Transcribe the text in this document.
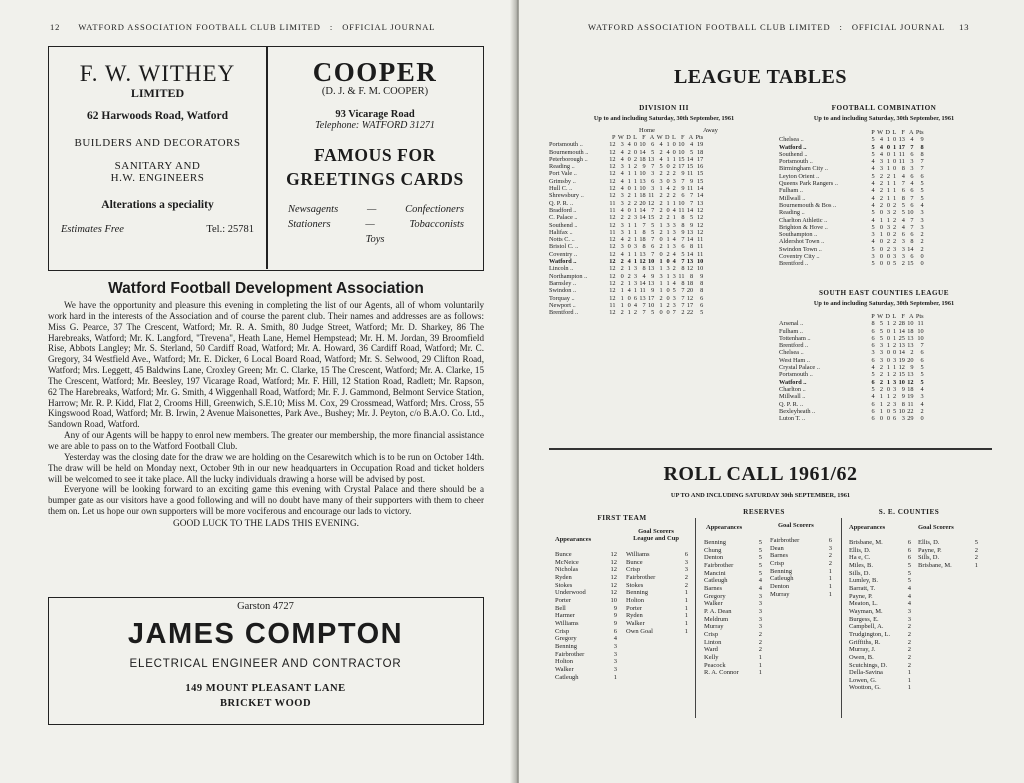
12 WATFORD ASSOCIATION FOOTBALL CLUB LIMITED   :   OFFICIAL JOURNAL
F. W. WITHEY
LIMITED
62 Harwoods Road, Watford
BUILDERS AND DECORATORS
SANITARY AND
H.W. ENGINEERS
Alterations a speciality
Estimates Free	Tel.: 25781
COOPER
(D. J. & F. M. COOPER)
93 Vicarage Road
Telephone: WATFORD 31271
FAMOUS FOR
GREETINGS CARDS
Newsagents	—	Confectioners
Stationers	—	Tobacconists
Toys
Watford Football Development Association

We have the opportunity and pleasure this evening in completing the list of our Agents, all of whom voluntarily work hard in the interests of the Association and of course the parent club. Their names and addresses are as follows: Miss G. Pearce, 37 The Crescent, Watford; Mr. R. A. Smith, 80 Judge Street, Watford; Mr. D. Sharkey, 86 The Harebreaks, Watford; Mr. K. Langford, "Trevena", Heath Lane, Hemel Hempstead; Mr. H. M. Jordan, 39 Broomfield Rise, Abbots Langley; Mr. S. Sterland, 50 Cardiff Road, Watford; Mr. A. Howard, 36 Cardiff Road, Watford; Mr. C. Gregory, 34 Westfield Ave., Watford; Mr. E. Dicker, 6 Local Board Road, Watford; Mr. S. Selwood, 29 Clifton Road, Watford; Mrs. Leggett, 45 Baldwins Lane, Croxley Green; Mr. C. Clarke, 15 The Crescent, Watford; Mr. A. Clarke, 15 The Crescent, Watford; Mr. Beesley, 197 Vicarage Road, Watford; Mr. F. Hill, 12 Station Road, Radlett; Mr. Rapson, 62 The Harebreaks, Watford; Mr. G. Smith, 4 Wiggenhall Road, Watford; Mr. F. J. Gammond, Belmont Service Station, Harrow; Mr. R. P. Kidd, Flat 2, Crooms Hill, Greenwich, S.E.10; Miss M. Cox, 29 Crossmead, Watford; Mrs. Cross, 55 Kingswood Road, Watford; Mr. B. Irwin, 2 Avenue Maisonettes, Park Ave., Bushey; Mr. J. Peyton, c/o B.A.O. Co. Ltd., Sandown Road, Watford.

Any of our Agents will be happy to enrol new members. The greater our membership, the more financial assistance we are able to pass on to the Watford Football Club.

Yesterday was the closing date for the draw we are holding on the Cesarewitch which is to be run on October 14th. The draw will be held on Monday next, October 9th in our new headquarters in Occupation Road and ticket holders will be welcomed to see it take place. All the lucky individuals drawing a horse will be advised by post.

Everyone will be looking forward to an exciting game this evening with Crystal Palace and there should be a bumper gate as our visitors have a good following and will no doubt have many of their supporters with them to cheer them on. Let us hope our own supporters will be more vociferous and encourage our lads to victory.

GOOD LUCK TO THE LADS THIS EVENING.
Garston 4727
JAMES COMPTON
ELECTRICAL ENGINEER AND CONTRACTOR
149 MOUNT PLEASANT LANE
BRICKET WOOD
WATFORD ASSOCIATION FOOTBALL CLUB LIMITED   :   OFFICIAL JOURNAL 13
LEAGUE TABLES
DIVISION III
Up to and including Saturday, 30th September, 1961
Home	Away
	P	W	D	L	F	A	W	D	L	F	A	Pts
Portsmouth ..	12	3	4	0	10	6	4	1	0	10	4	19
Bournemouth ..	12	4	2	0	14	5	2	4	0	10	5	18
Peterborough ..	12	4	0	2	18	13	4	1	1	15	14	17
Reading ..	12	3	1	2	9	7	5	0	2	17	15	16
Port Vale ..	12	4	1	1	10	3	2	2	2	9	11	15
Grimsby ..	12	4	1	1	13	6	3	0	3	7	9	15
Hull C. ..	12	4	0	1	10	3	1	4	2	9	11	14
Shrewsbury ..	12	3	2	1	18	11	2	2	2	6	7	14
Q. P. R. ..	11	3	2	2	20	12	2	1	1	10	7	13
Bradford ..	11	4	0	1	14	7	2	0	4	11	14	12
C. Palace ..	12	2	2	3	14	15	2	2	1	8	5	12
Southend ..	12	3	1	1	7	5	1	3	3	8	9	12
Halifax ..	11	3	1	1	8	5	2	1	3	9	13	12
Notts C. ..	12	4	2	1	18	7	0	1	4	7	14	11
Bristol C. ..	12	3	0	3	8	6	2	1	3	6	8	11
Coventry ..	12	4	1	1	13	7	0	2	4	5	14	11
Watford ..	12	2	4	1	12	10	1	0	4	7	13	10
Lincoln ..	12	2	1	3	8	13	1	3	2	8	12	10
Northampton ..	12	0	2	3	4	9	3	1	3	11	8	9
Barnsley ..	12	2	1	3	14	13	1	1	4	8	18	8
Swindon ..	12	1	4	1	11	9	1	0	5	7	20	8
Torquay ..	12	1	0	6	13	17	2	0	3	7	12	6
Newport ..	11	1	0	4	7	10	1	2	3	7	17	6
Brentford ..	12	2	1	2	7	5	0	0	7	2	22	5
FOOTBALL COMBINATION
Up to and including Saturday, 30th September, 1961
	P	W	D	L	F	A	Pts
Chelsea ..	5	4	1	0	13	4	9
Watford ..	5	4	0	1	17	7	8
Southend ..	5	4	0	1	11	6	8
Portsmouth ..	4	3	1	0	11	3	7
Birmingham City ..	4	3	1	0	8	3	7
Leyton Orient ..	5	2	2	1	4	6	6
Queens Park Rangers ..	4	2	1	1	7	4	5
Fulham ..	4	2	1	1	6	6	5
Millwall ..	4	2	1	1	8	7	5
Bournemouth & Bos ..	4	2	0	2	5	6	4
Reading ..	5	0	3	2	5	10	3
Charlton Athletic ..	4	1	1	2	4	7	3
Brighton & Hove ..	5	0	3	2	4	7	3
Southampton ..	3	1	0	2	6	6	2
Aldershot Town ..	4	0	2	2	3	8	2
Swindon Town ..	5	0	2	3	3	14	2
Coventry City ..	3	0	0	3	3	6	0
Brentford ..	5	0	0	5	2	15	0
SOUTH EAST COUNTIES LEAGUE
Up to and including Saturday, 30th September, 1961
	P	W	D	L	F	A	Pts
Arsenal ..	8	5	1	2	28	10	11
Fulham ..	6	5	0	1	14	18	10
Tottenham ..	6	5	0	1	25	13	10
Brentford ..	6	3	1	2	13	13	7
Chelsea ..	3	3	0	0	14	2	6
West Ham ..	6	3	0	3	19	20	6
Crystal Palace ..	4	2	1	1	12	9	5
Portsmouth ..	5	2	1	2	15	13	5
Watford ..	6	2	1	3	10	12	5
Charlton ..	5	2	0	3	9	18	4
Millwall ..	4	1	1	2	9	19	3
Q. P. R. ..	6	1	2	3	8	11	4
Bexleyheath ..	6	1	0	5	10	22	2
Luton T. ..	6	0	0	6	3	29	0
ROLL CALL 1961/62
UP TO AND INCLUDING SATURDAY 30th SEPTEMBER, 1961
FIRST TEAM
RESERVES	S. E. COUNTIES
Appearances
Goal Scorers
League and Cup
Bunce	12
McNeice	12
Nicholas	12
Ryden	12
Stokes	12
Underwood	12
Porter	10
Bell	9
Harmer	9
Williams	9
Crisp	6
Gregory	4
Benning	3
Fairbrother	3
Holton	3
Walker	3
Catleugh	1
Williams	6
Bunce	3
Crisp	3
Fairbrother	2
Stokes	2
Benning	1
Holton	1
Porter	1
Ryden	1
Walker	1
Own Goal	1
Appearances	Goal Scorers
Benning	5
Chung	5
Denton	5
Fairbrother	5
Mancini	5
Catleugh	4
Barnes	4
Gregory	3
Walker	3
P. A. Dean	3
Meldrum	3
Murray	3
Crisp	2
Linton	2
Ward	2
Kelly	1
Peacock	1
R. A. Connor	1
Fairbrother	6
Dean	3
Barnes	2
Crisp	2
Benning	1
Catleugh	1
Denton	1
Murray	1
Appearances	Goal Scorers
Brisbane, M.	6
Ellis, D.	6
Ha e, C.	6
Miles, B.	5
Sills, D.	5
Lumley, B.	5
Barratt, T.	4
Payne, P.	4
Meaton, L.	4
Wayman, M.	3
Burgess, E.	3
Campbell, A.	2
Trudgington, L.	2
Griffiths, R.	2
Murray, J.	2
Owen, B.	2
Scutchings, D.	2
Della-Savina	1
Lowen, G.	1
Wootton, G.	1
Ellis, D.	5
Payne, P.	2
Sills, D.	2
Brisbane, M.	1
